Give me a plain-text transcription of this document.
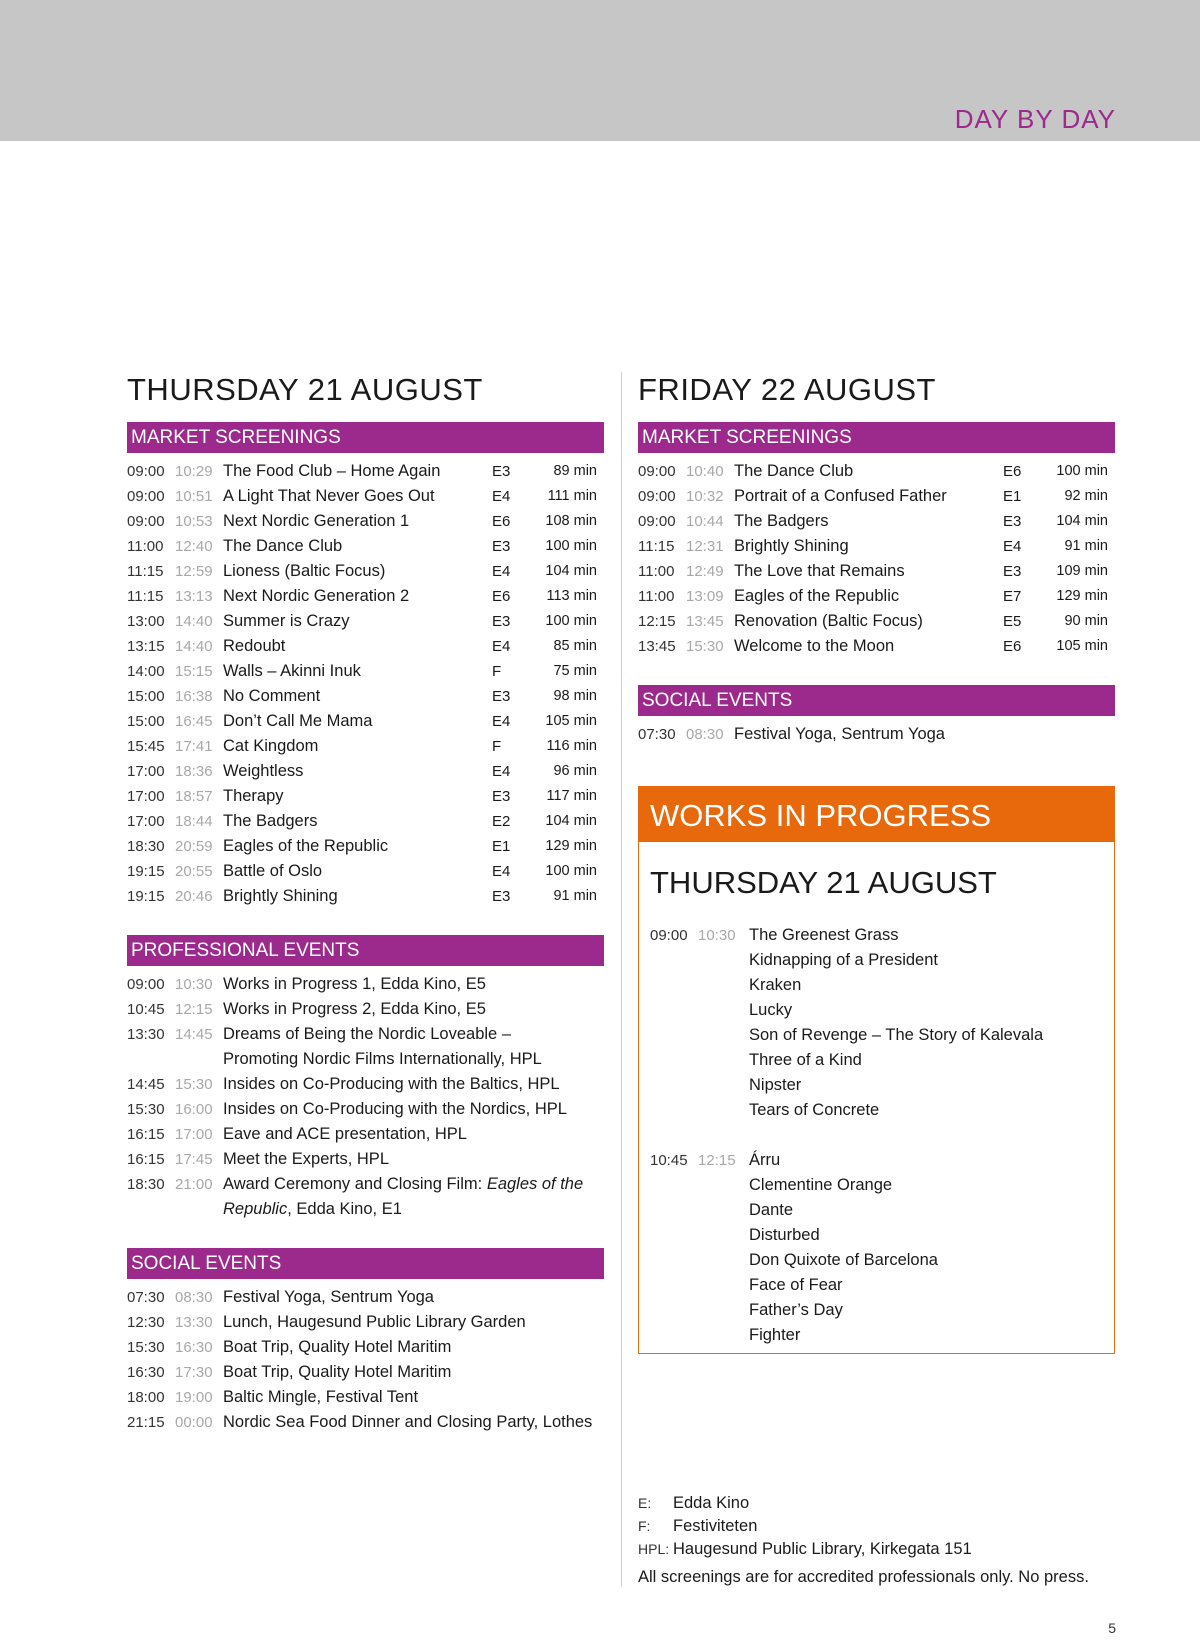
DAY BY DAY
THURSDAY 21 AUGUST
MARKET SCREENINGS
09:00 10:29 The Food Club – Home Again	E3	89 min
09:00 10:51 A Light That Never Goes Out	E4	111 min
09:00 10:53 Next Nordic Generation 1	E6 108 min
11:00 12:40 The Dance Club	E3 100 min
11:15 12:59 Lioness (Baltic Focus)	E4 104 min
11:15 13:13 Next Nordic Generation 2	E6 113 min
13:00 14:40 Summer is Crazy	E3 100 min
13:15 14:40 Redoubt	E4	85 min
14:00 15:15 Walls – Akinni Inuk	F	75 min
15:00 16:38 No Comment	E3	98 min
15:00 16:45 Don’t Call Me Mama	E4 105 min
15:45 17:41 Cat Kingdom	F	116 min
17:00 18:36 Weightless	E4	96 min
17:00 18:57 Therapy	E3 117 min
17:00 18:44 The Badgers	E2 104 min
18:30 20:59 Eagles of the Republic	E1 129 min
19:15 20:55 Battle of Oslo	E4 100 min
19:15 20:46 Brightly Shining	E3	91 min
PROFESSIONAL EVENTS
09:00 10:30 Works in Progress 1, Edda Kino, E5
10:45 12:15 Works in Progress 2, Edda Kino, E5
13:30 14:45 Dreams of Being the Nordic Loveable –
Promoting Nordic Films Internationally, HPL
14:45 15:30 Insides on Co-Producing with the Baltics, HPL
15:30 16:00 Insides on Co-Producing with the Nordics, HPL
16:15 17:00 Eave and ACE presentation, HPL
16:15 17:45 Meet the Experts, HPL
18:30 21:00 Award Ceremony and Closing Film: Eagles of the
Republic, Edda Kino, E1
SOCIAL EVENTS
07:30 08:30 Festival Yoga, Sentrum Yoga
12:30 13:30 Lunch, Haugesund Public Library Garden
15:30 16:30 Boat Trip, Quality Hotel Maritim
16:30 17:30 Boat Trip, Quality Hotel Maritim
18:00 19:00 Baltic Mingle, Festival Tent
21:15 00:00 Nordic Sea Food Dinner and Closing Party, Lothes
FRIDAY 22 AUGUST
MARKET SCREENINGS
09:00 10:40 The Dance Club	E6 100 min
09:00 10:32 Portrait of a Confused Father	E1	92 min
09:00 10:44 The Badgers	E3 104 min
11:15 12:31 Brightly Shining	E4	91 min
11:00 12:49 The Love that Remains	E3 109 min
11:00 13:09 Eagles of the Republic	E7 129 min
12:15 13:45 Renovation (Baltic Focus)	E5	90 min
13:45 15:30 Welcome to the Moon	E6 105 min
SOCIAL EVENTS
07:30 08:30 Festival Yoga, Sentrum Yoga
WORKS IN PROGRESS
THURSDAY 21 AUGUST
09:00 10:30 The Greenest Grass
Kidnapping of a President
Kraken
Lucky
Son of Revenge – The Story of Kalevala
Three of a Kind
Nipster
Tears of Concrete
10:45 12:15 Árru
Clementine Orange
Dante
Disturbed
Don Quixote of Barcelona
Face of Fear
Father’s Day
Fighter
E: Edda Kino
F: Festiviteten
HPL: Haugesund Public Library, Kirkegata 151
All screenings are for accredited professionals only. No press.
5
